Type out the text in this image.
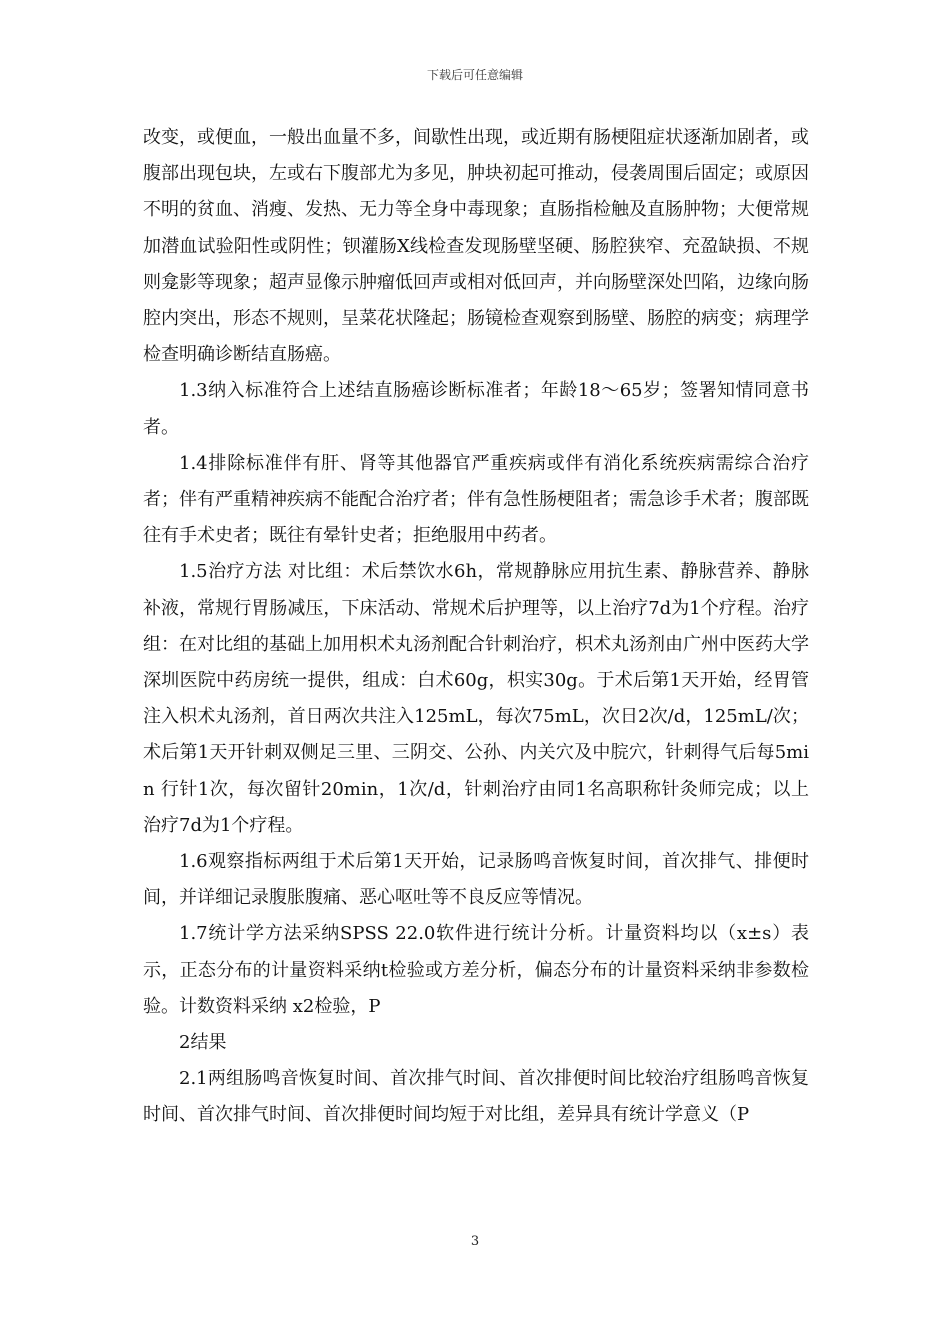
下载后可任意编辑

改变，或便血，一般出血量不多，间歇性出现，或近期有肠梗阻症状逐渐加剧者，或腹部出现包块，左或右下腹部尤为多见，肿块初起可推动，侵袭周围后固定；或原因不明的贫血、消瘦、发热、无力等全身中毒现象；直肠指检触及直肠肿物；大便常规加潜血试验阳性或阴性；钡灌肠X线检查发现肠壁坚硬、肠腔狭窄、充盈缺损、不规则龛影等现象；超声显像示肿瘤低回声或相对低回声，并向肠壁深处凹陷，边缘向肠腔内突出，形态不规则，呈菜花状隆起；肠镜检查观察到肠壁、肠腔的病变；病理学检查明确诊断结直肠癌。

1.3纳入标准符合上述结直肠癌诊断标准者；年龄18～65岁；签署知情同意书者。

1.4排除标准伴有肝、肾等其他器官严重疾病或伴有消化系统疾病需综合治疗者；伴有严重精神疾病不能配合治疗者；伴有急性肠梗阻者；需急诊手术者；腹部既往有手术史者；既往有晕针史者；拒绝服用中药者。

1.5治疗方法 对比组：术后禁饮水6h，常规静脉应用抗生素、静脉营养、静脉补液，常规行胃肠减压，下床活动、常规术后护理等，以上治疗7d为1个疗程。治疗组：在对比组的基础上加用枳术丸汤剂配合针刺治疗，枳术丸汤剂由广州中医药大学深圳医院中药房统一提供，组成：白术60g，枳实30g。于术后第1天开始，经胃管注入枳术丸汤剂，首日两次共注入125mL，每次75mL，次日2次/d，125mL/次；术后第1天开针刺双侧足三里、三阴交、公孙、内关穴及中脘穴，针刺得气后每5min 行针1次，每次留针20min，1次/d，针刺治疗由同1名高职称针灸师完成；以上治疗7d为1个疗程。

1.6观察指标两组于术后第1天开始，记录肠鸣音恢复时间，首次排气、排便时间，并详细记录腹胀腹痛、恶心呕吐等不良反应等情况。

1.7统计学方法采纳SPSS 22.0软件进行统计分析。计量资料均以（x±s）表示，正态分布的计量资料采纳t检验或方差分析，偏态分布的计量资料采纳非参数检验。计数资料采纳 x2检验，P

2结果

2.1两组肠鸣音恢复时间、首次排气时间、首次排便时间比较治疗组肠鸣音恢复时间、首次排气时间、首次排便时间均短于对比组，差异具有统计学意义（P

3
